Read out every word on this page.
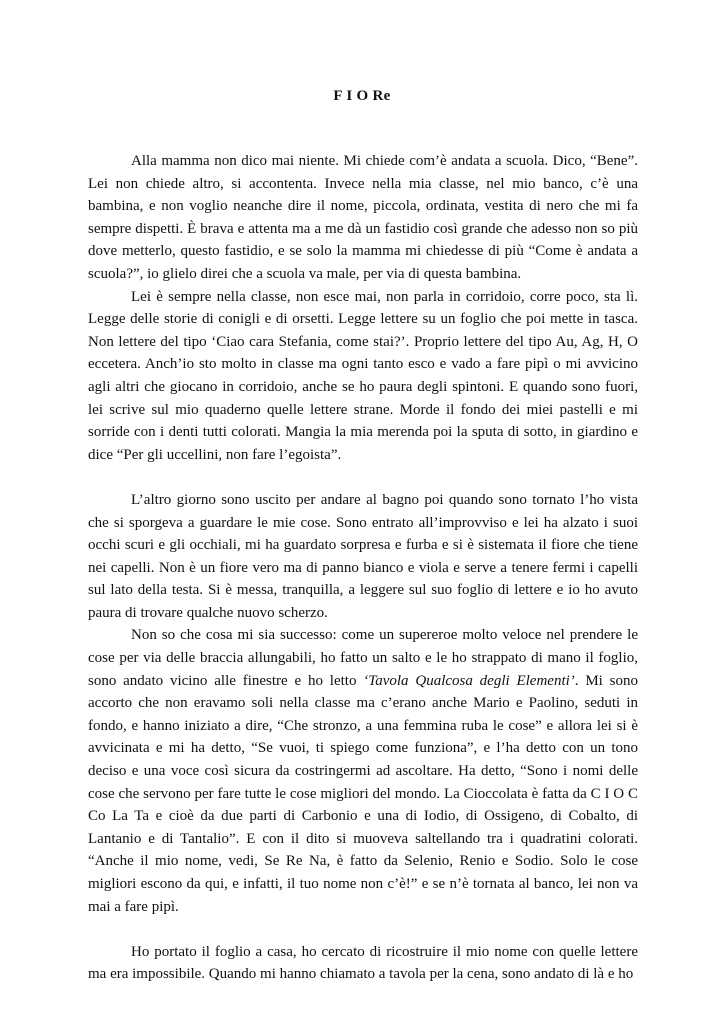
F I O Re

Alla mamma non dico mai niente. Mi chiede com’è andata a scuola. Dico, “Bene”. Lei non chiede altro, si accontenta. Invece nella mia classe, nel mio banco, c’è una bambina, e non voglio neanche dire il nome, piccola, ordinata, vestita di nero che mi fa sempre dispetti. È brava e attenta ma a me dà un fastidio così grande che adesso non so più dove metterlo, questo fastidio, e se solo la mamma mi chiedesse di più “Come è andata a scuola?”, io glielo direi che a scuola va male, per via di questa bambina.

Lei è sempre nella classe, non esce mai, non parla in corridoio, corre poco, sta lì. Legge delle storie di conigli e di orsetti. Legge lettere su un foglio che poi mette in tasca. Non lettere del tipo ‘Ciao cara Stefania, come stai?’. Proprio lettere del tipo Au, Ag, H, O eccetera. Anch’io sto molto in classe ma ogni tanto esco e vado a fare pipì o mi avvicino agli altri che giocano in corridoio, anche se ho paura degli spintoni. E quando sono fuori, lei scrive sul mio quaderno quelle lettere strane. Morde il fondo dei miei pastelli e mi sorride con i denti tutti colorati. Mangia la mia merenda poi la sputa di sotto, in giardino e dice “Per gli uccellini, non fare l’egoista”.

L’altro giorno sono uscito per andare al bagno poi quando sono tornato l’ho vista che si sporgeva a guardare le mie cose. Sono entrato all’improvviso e lei ha alzato i suoi occhi scuri e gli occhiali, mi ha guardato sorpresa e furba e si è sistemata il fiore che tiene nei capelli. Non è un fiore vero ma di panno bianco e viola e serve a tenere fermi i capelli sul lato della testa. Si è messa, tranquilla, a leggere sul suo foglio di lettere e io ho avuto paura di trovare qualche nuovo scherzo.

Non so che cosa mi sia successo: come un supereroe molto veloce nel prendere le cose per via delle braccia allungabili, ho fatto un salto e le ho strappato di mano il foglio, sono andato vicino alle finestre e ho letto ‘Tavola Qualcosa degli Elementi’. Mi sono accorto che non eravamo soli nella classe ma c’erano anche Mario e Paolino, seduti in fondo, e hanno iniziato a dire, “Che stronzo, a una femmina ruba le cose” e allora lei si è avvicinata e mi ha detto, “Se vuoi, ti spiego come funziona”, e l’ha detto con un tono deciso e una voce così sicura da costringermi ad ascoltare. Ha detto, “Sono i nomi delle cose che servono per fare tutte le cose migliori del mondo. La Cioccolata è fatta da C I O C Co La Ta e cioè da due parti di Carbonio e una di Iodio, di Ossigeno, di Cobalto, di Lantanio e di Tantalio”. E con il dito si muoveva saltellando tra i quadratini colorati. “Anche il mio nome, vedi, Se Re Na, è fatto da Selenio, Renio e Sodio. Solo le cose migliori escono da qui, e infatti, il tuo nome non c’è!” e se n’è tornata al banco, lei non va mai a fare pipì.

Ho portato il foglio a casa, ho cercato di ricostruire il mio nome con quelle lettere ma era impossibile. Quando mi hanno chiamato a tavola per la cena, sono andato di là e ho
